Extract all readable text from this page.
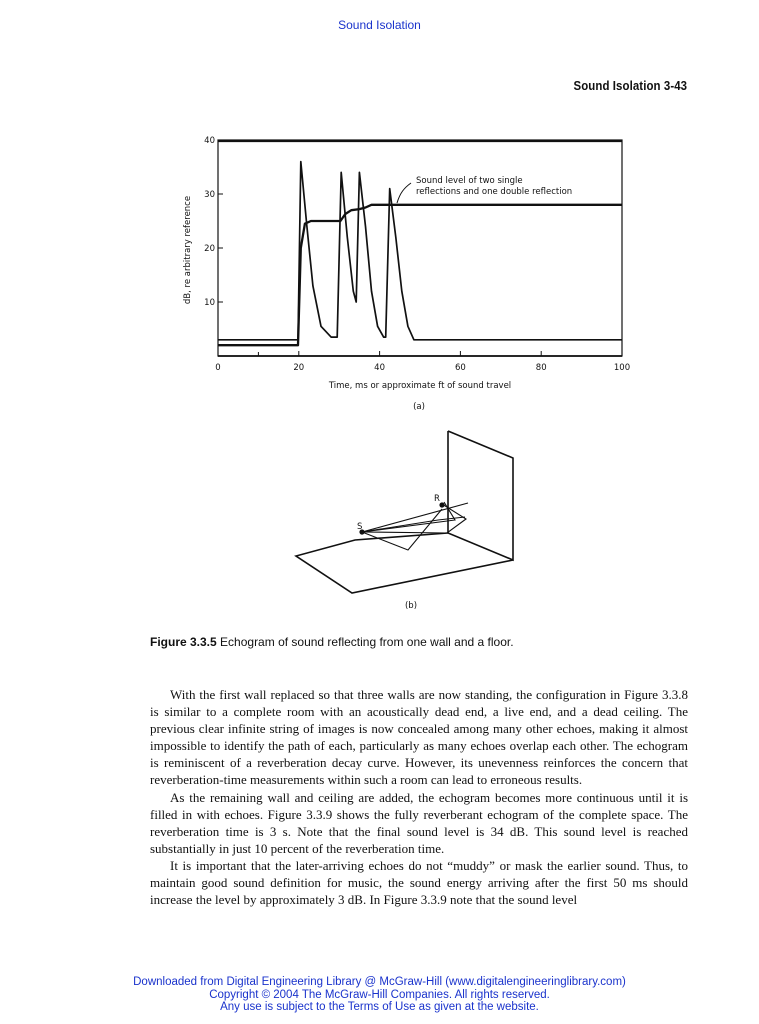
Sound Isolation
Sound Isolation 3-43
0	20	40	60	80	100
10
20
30
40
Sound level of two single
reflections and one double reflection
Time, ms or approximate ft of sound travel
dB, re arbitrary reference
(a)
S
R
(b)
Figure 3.3.5 Echogram of sound reflecting from one wall and a floor.

With the first wall replaced so that three walls are now standing, the configuration in Figure 3.3.8 is similar to a complete room with an acoustically dead end, a live end, and a dead ceiling. The previous clear infinite string of images is now concealed among many other echoes, making it almost impossible to identify the path of each, particularly as many echoes overlap each other. The echogram is reminiscent of a reverberation decay curve. However, its unevenness reinforces the concern that reverberation-time measurements within such a room can lead to erroneous results.

As the remaining wall and ceiling are added, the echogram becomes more continuous until it is filled in with echoes. Figure 3.3.9 shows the fully reverberant echogram of the complete space. The reverberation time is 3 s. Note that the final sound level is 34 dB. This sound level is reached substantially in just 10 percent of the reverberation time.

It is important that the later-arriving echoes do not “muddy” or mask the earlier sound. Thus, to maintain good sound definition for music, the sound energy arriving after the first 50 ms should increase the level by approximately 3 dB. In Figure 3.3.9 note that the sound level

Downloaded from Digital Engineering Library @ McGraw-Hill (www.digitalengineeringlibrary.com)
Copyright © 2004 The McGraw-Hill Companies. All rights reserved.
Any use is subject to the Terms of Use as given at the website.
